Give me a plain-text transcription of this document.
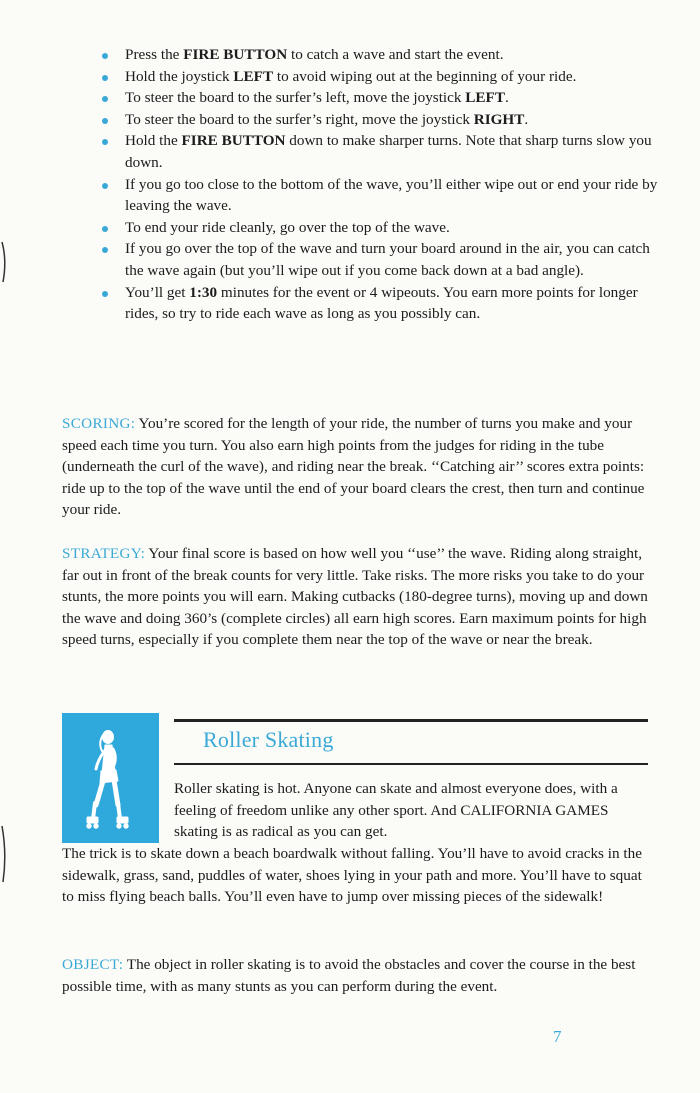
Press the FIRE BUTTON to catch a wave and start the event.
Hold the joystick LEFT to avoid wiping out at the beginning of your ride.
To steer the board to the surfer’s left, move the joystick LEFT.
To steer the board to the surfer’s right, move the joystick RIGHT.
Hold the FIRE BUTTON down to make sharper turns. Note that sharp turns slow you down.
If you go too close to the bottom of the wave, you’ll either wipe out or end your ride by leaving the wave.
To end your ride cleanly, go over the top of the wave.
If you go over the top of the wave and turn your board around in the air, you can catch the wave again (but you’ll wipe out if you come back down at a bad angle).
You’ll get 1:30 minutes for the event or 4 wipeouts. You earn more points for longer rides, so try to ride each wave as long as you possibly can.

SCORING: You’re scored for the length of your ride, the number of turns you make and your speed each time you turn. You also earn high points from the judges for riding in the tube (underneath the curl of the wave), and riding near the break. ‘‘Catching air’’ scores extra points: ride up to the top of the wave until the end of your board clears the crest, then turn and continue your ride.

STRATEGY: Your final score is based on how well you ‘‘use’’ the wave. Riding along straight, far out in front of the break counts for very little. Take risks. The more risks you take to do your stunts, the more points you will earn. Making cutbacks (180-degree turns), moving up and down the wave and doing 360’s (complete circles) all earn high scores. Earn maximum points for high speed turns, especially if you complete them near the top of the wave or near the break.

Roller Skating

Roller skating is hot. Anyone can skate and almost everyone does, with a feeling of freedom unlike any other sport. And CALIFORNIA GAMES skating is as radical as you can get.

The trick is to skate down a beach boardwalk without falling. You’ll have to avoid cracks in the sidewalk, grass, sand, puddles of water, shoes lying in your path and more. You’ll have to squat to miss flying beach balls. You’ll even have to jump over missing pieces of the sidewalk!

OBJECT: The object in roller skating is to avoid the obstacles and cover the course in the best possible time, with as many stunts as you can perform during the event.

7
